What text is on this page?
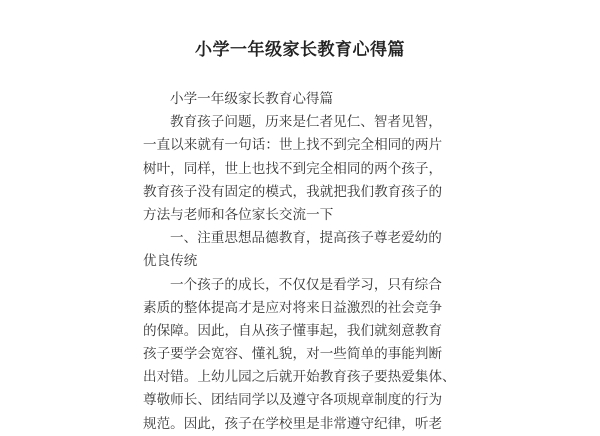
小学一年级家长教育心得篇
小学一年级家长教育心得篇
教育孩子问题，历来是仁者见仁、智者见智，
一直以来就有一句话：世上找不到完全相同的两片
树叶，同样，世上也找不到完全相同的两个孩子，
教育孩子没有固定的模式，我就把我们教育孩子的
方法与老师和各位家长交流一下
一、注重思想品德教育，提高孩子尊老爱幼的
优良传统
一个孩子的成长，不仅仅是看学习，只有综合
素质的整体提高才是应对将来日益激烈的社会竞争
的保障。因此，自从孩子懂事起，我们就刻意教育
孩子要学会宽容、懂礼貌，对一些简单的事能判断
出对错。上幼儿园之后就开始教育孩子要热爱集体、
尊敬师长、团结同学以及遵守各项规章制度的行为
规范。因此，孩子在学校里是非常遵守纪律，听老
